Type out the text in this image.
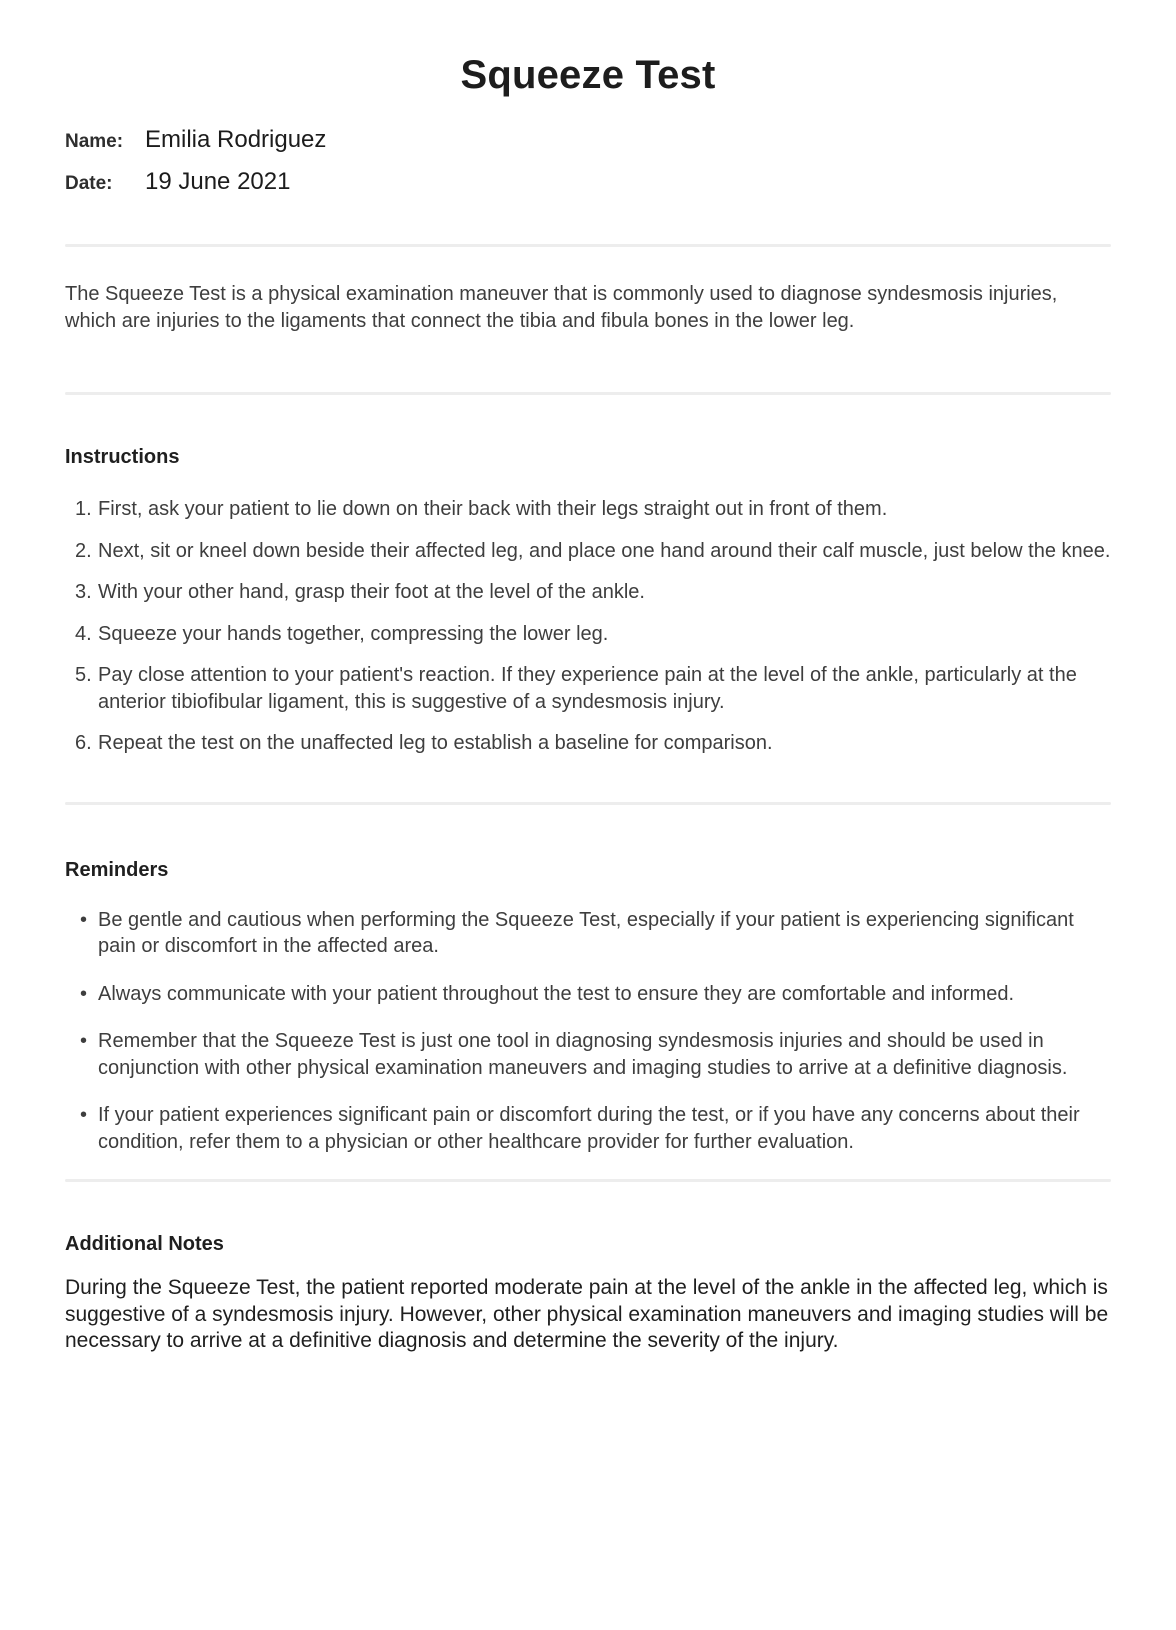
Squeeze Test
Name: Emilia Rodriguez
Date:	19 June 2021

The Squeeze Test is a physical examination maneuver that is commonly used to diagnose syndesmosis injuries, which are injuries to the ligaments that connect the tibia and fibula bones in the lower leg.

Instructions
First, ask your patient to lie down on their back with their legs straight out in front of them.
Next, sit or kneel down beside their affected leg, and place one hand around their calf muscle, just below the knee.
With your other hand, grasp their foot at the level of the ankle.
Squeeze your hands together, compressing the lower leg.
Pay close attention to your patient's reaction. If they experience pain at the level of the ankle, particularly at the anterior tibiofibular ligament, this is suggestive of a syndesmosis injury.
Repeat the test on the unaffected leg to establish a baseline for comparison.
Reminders
• Be gentle and cautious when performing the Squeeze Test, especially if your patient is experiencing significant pain or discomfort in the affected area.
• Always communicate with your patient throughout the test to ensure they are comfortable and informed.
• Remember that the Squeeze Test is just one tool in diagnosing syndesmosis injuries and should be used in conjunction with other physical examination maneuvers and imaging studies to arrive at a definitive diagnosis.
• If your patient experiences significant pain or discomfort during the test, or if you have any concerns about their condition, refer them to a physician or other healthcare provider for further evaluation.
Additional Notes

During the Squeeze Test, the patient reported moderate pain at the level of the ankle in the affected leg, which is suggestive of a syndesmosis injury. However, other physical examination maneuvers and imaging studies will be necessary to arrive at a definitive diagnosis and determine the severity of the injury.
